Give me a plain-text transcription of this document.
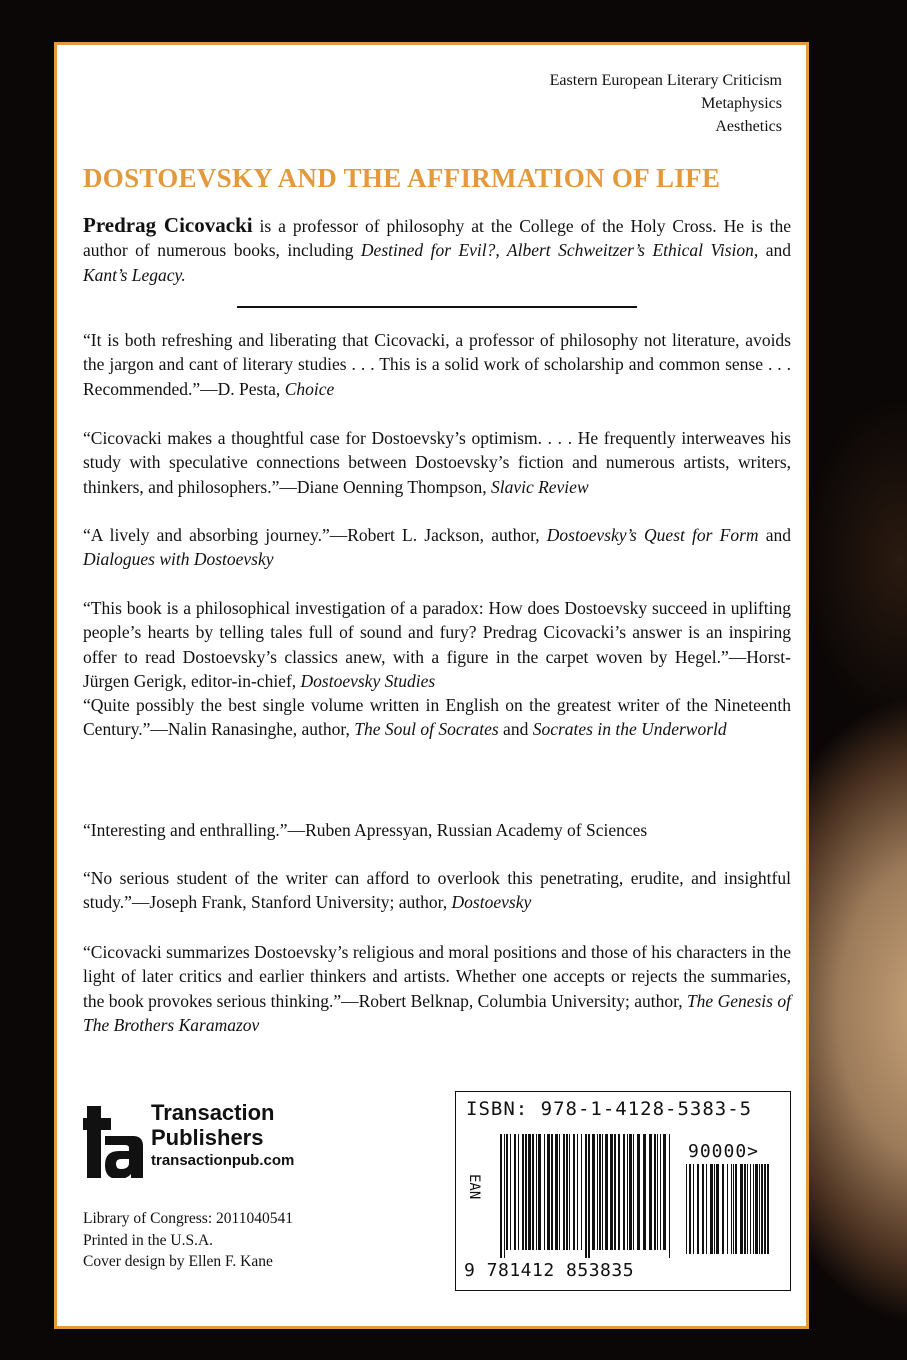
Eastern European Literary Criticism
Metaphysics
Aesthetics
DOSTOEVSKY AND THE AFFIRMATION OF LIFE
Predrag Cicovacki is a professor of philosophy at the College of the Holy Cross. He is the author of numerous books, including Destined for Evil?, Albert Schweitzer’s Ethical Vision, and Kant’s Legacy.
“It is both refreshing and liberating that Cicovacki, a professor of philosophy not literature, avoids the jargon and cant of literary studies . . . This is a solid work of scholarship and common sense . . . Recommended.”—D. Pesta, Choice
“Cicovacki makes a thoughtful case for Dostoevsky’s optimism. . . . He frequently interweaves his study with speculative connections between Dostoevsky’s fiction and numerous artists, writers, thinkers, and philosophers.”—Diane Oenning Thompson, Slavic Review
“A lively and absorbing journey.”—Robert L. Jackson, author, Dostoevsky’s Quest for Form and Dialogues with Dostoevsky
“This book is a philosophical investigation of a paradox: How does Dostoevsky succeed in uplifting people’s hearts by telling tales full of sound and fury? Predrag Cicovacki’s answer is an inspiring offer to read Dostoevsky’s classics anew, with a figure in the carpet woven by Hegel.”—Horst-Jürgen Gerigk, editor-in-chief, Dostoevsky Studies
“Quite possibly the best single volume written in English on the greatest writer of the Nineteenth Century.”—Nalin Ranasinghe, author, The Soul of Socrates and Socrates in the Underworld
“Interesting and enthralling.”—Ruben Apressyan, Russian Academy of Sciences
“No serious student of the writer can afford to overlook this penetrating, erudite, and insightful study.”—Joseph Frank, Stanford University; author, Dostoevsky
“Cicovacki summarizes Dostoevsky’s religious and moral positions and those of his characters in the light of later critics and earlier thinkers and artists. Whether one accepts or rejects the summaries, the book provokes serious thinking.”—Robert Belknap, Columbia University; author, The Genesis of The Brothers Karamazov
Transaction
Publishers
transactionpub.com
Library of Congress: 2011040541
Printed in the U.S.A.
Cover design by Ellen F. Kane
ISBN: 978-1-4128-5383-5
90000>
EAN
9 781412 853835
